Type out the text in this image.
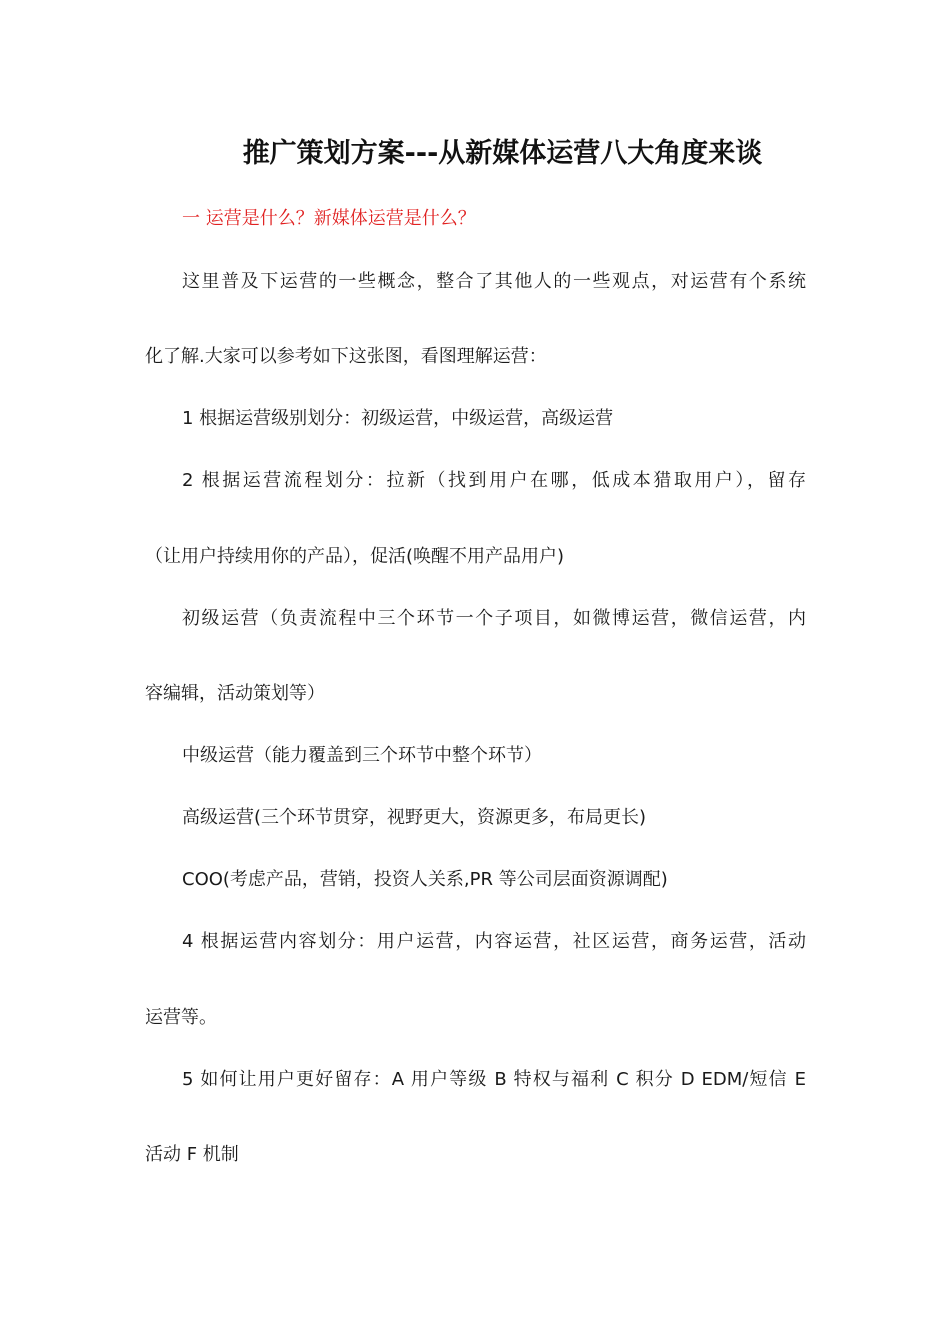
推广策划方案---从新媒体运营八大角度来谈
一 运营是什么？新媒体运营是什么？
这里普及下运营的一些概念，整合了其他人的一些观点，对运营有个系统
化了解.大家可以参考如下这张图，看图理解运营：
1 根据运营级别划分：初级运营，中级运营，高级运营
2 根据运营流程划分：拉新（找到用户在哪，低成本猎取用户），留存
（让用户持续用你的产品），促活(唤醒不用产品用户)
初级运营（负责流程中三个环节一个子项目，如微博运营，微信运营，内
容编辑，活动策划等）
中级运营（能力覆盖到三个环节中整个环节）
高级运营(三个环节贯穿，视野更大，资源更多，布局更长)
COO(考虑产品，营销，投资人关系,PR 等公司层面资源调配)
4 根据运营内容划分：用户运营，内容运营，社区运营，商务运营，活动
运营等。
5 如何让用户更好留存：A 用户等级 B 特权与福利 C 积分 D EDM/短信 E
活动 F 机制
